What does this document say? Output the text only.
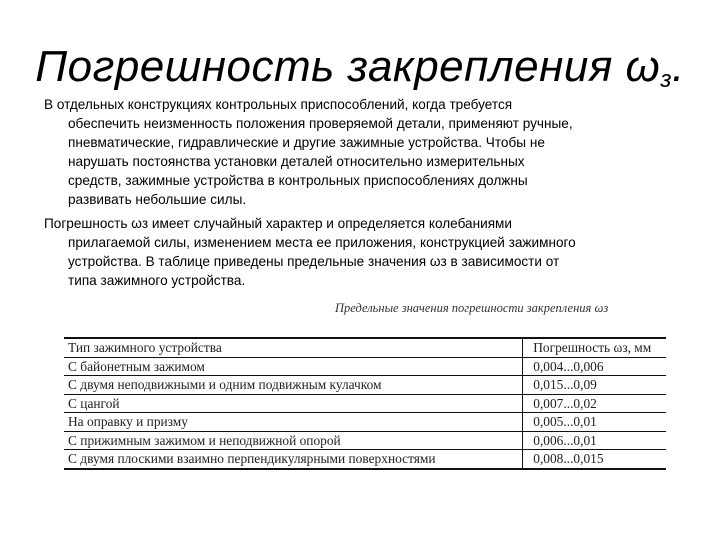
Погрешность закрепления $\omega_з$.

В отдельных конструкциях контрольных приспособлений, когда требуется
обеспечить неизменность положения проверяемой детали, применяют ручные,
пневматические, гидравлические и другие зажимные устройства. Чтобы не
нарушать постоянства установки деталей относительно измерительных
средств, зажимные устройства в контрольных приспособлениях должны
развивать небольшие силы.

Погрешность ωз имеет случайный характер и определяется колебаниями
прилагаемой силы, изменением места ее приложения, конструкцией зажимного
устройства. В таблице приведены предельные значения ωз в зависимости от
типа зажимного устройства.

Предельные значения погрешности закрепления ωз
Тип зажимного устройства	Погрешность ωз, мм
С байонетным зажимом	0,004...0,006
С двумя неподвижными и одним подвижным кулачком	0,015...0,09
С цангой	0,007...0,02
На оправку и призму	0,005...0,01
С прижимным зажимом и неподвижной опорой	0,006...0,01
С двумя плоскими взаимно перпендикулярными поверхностями	0,008...0,015
